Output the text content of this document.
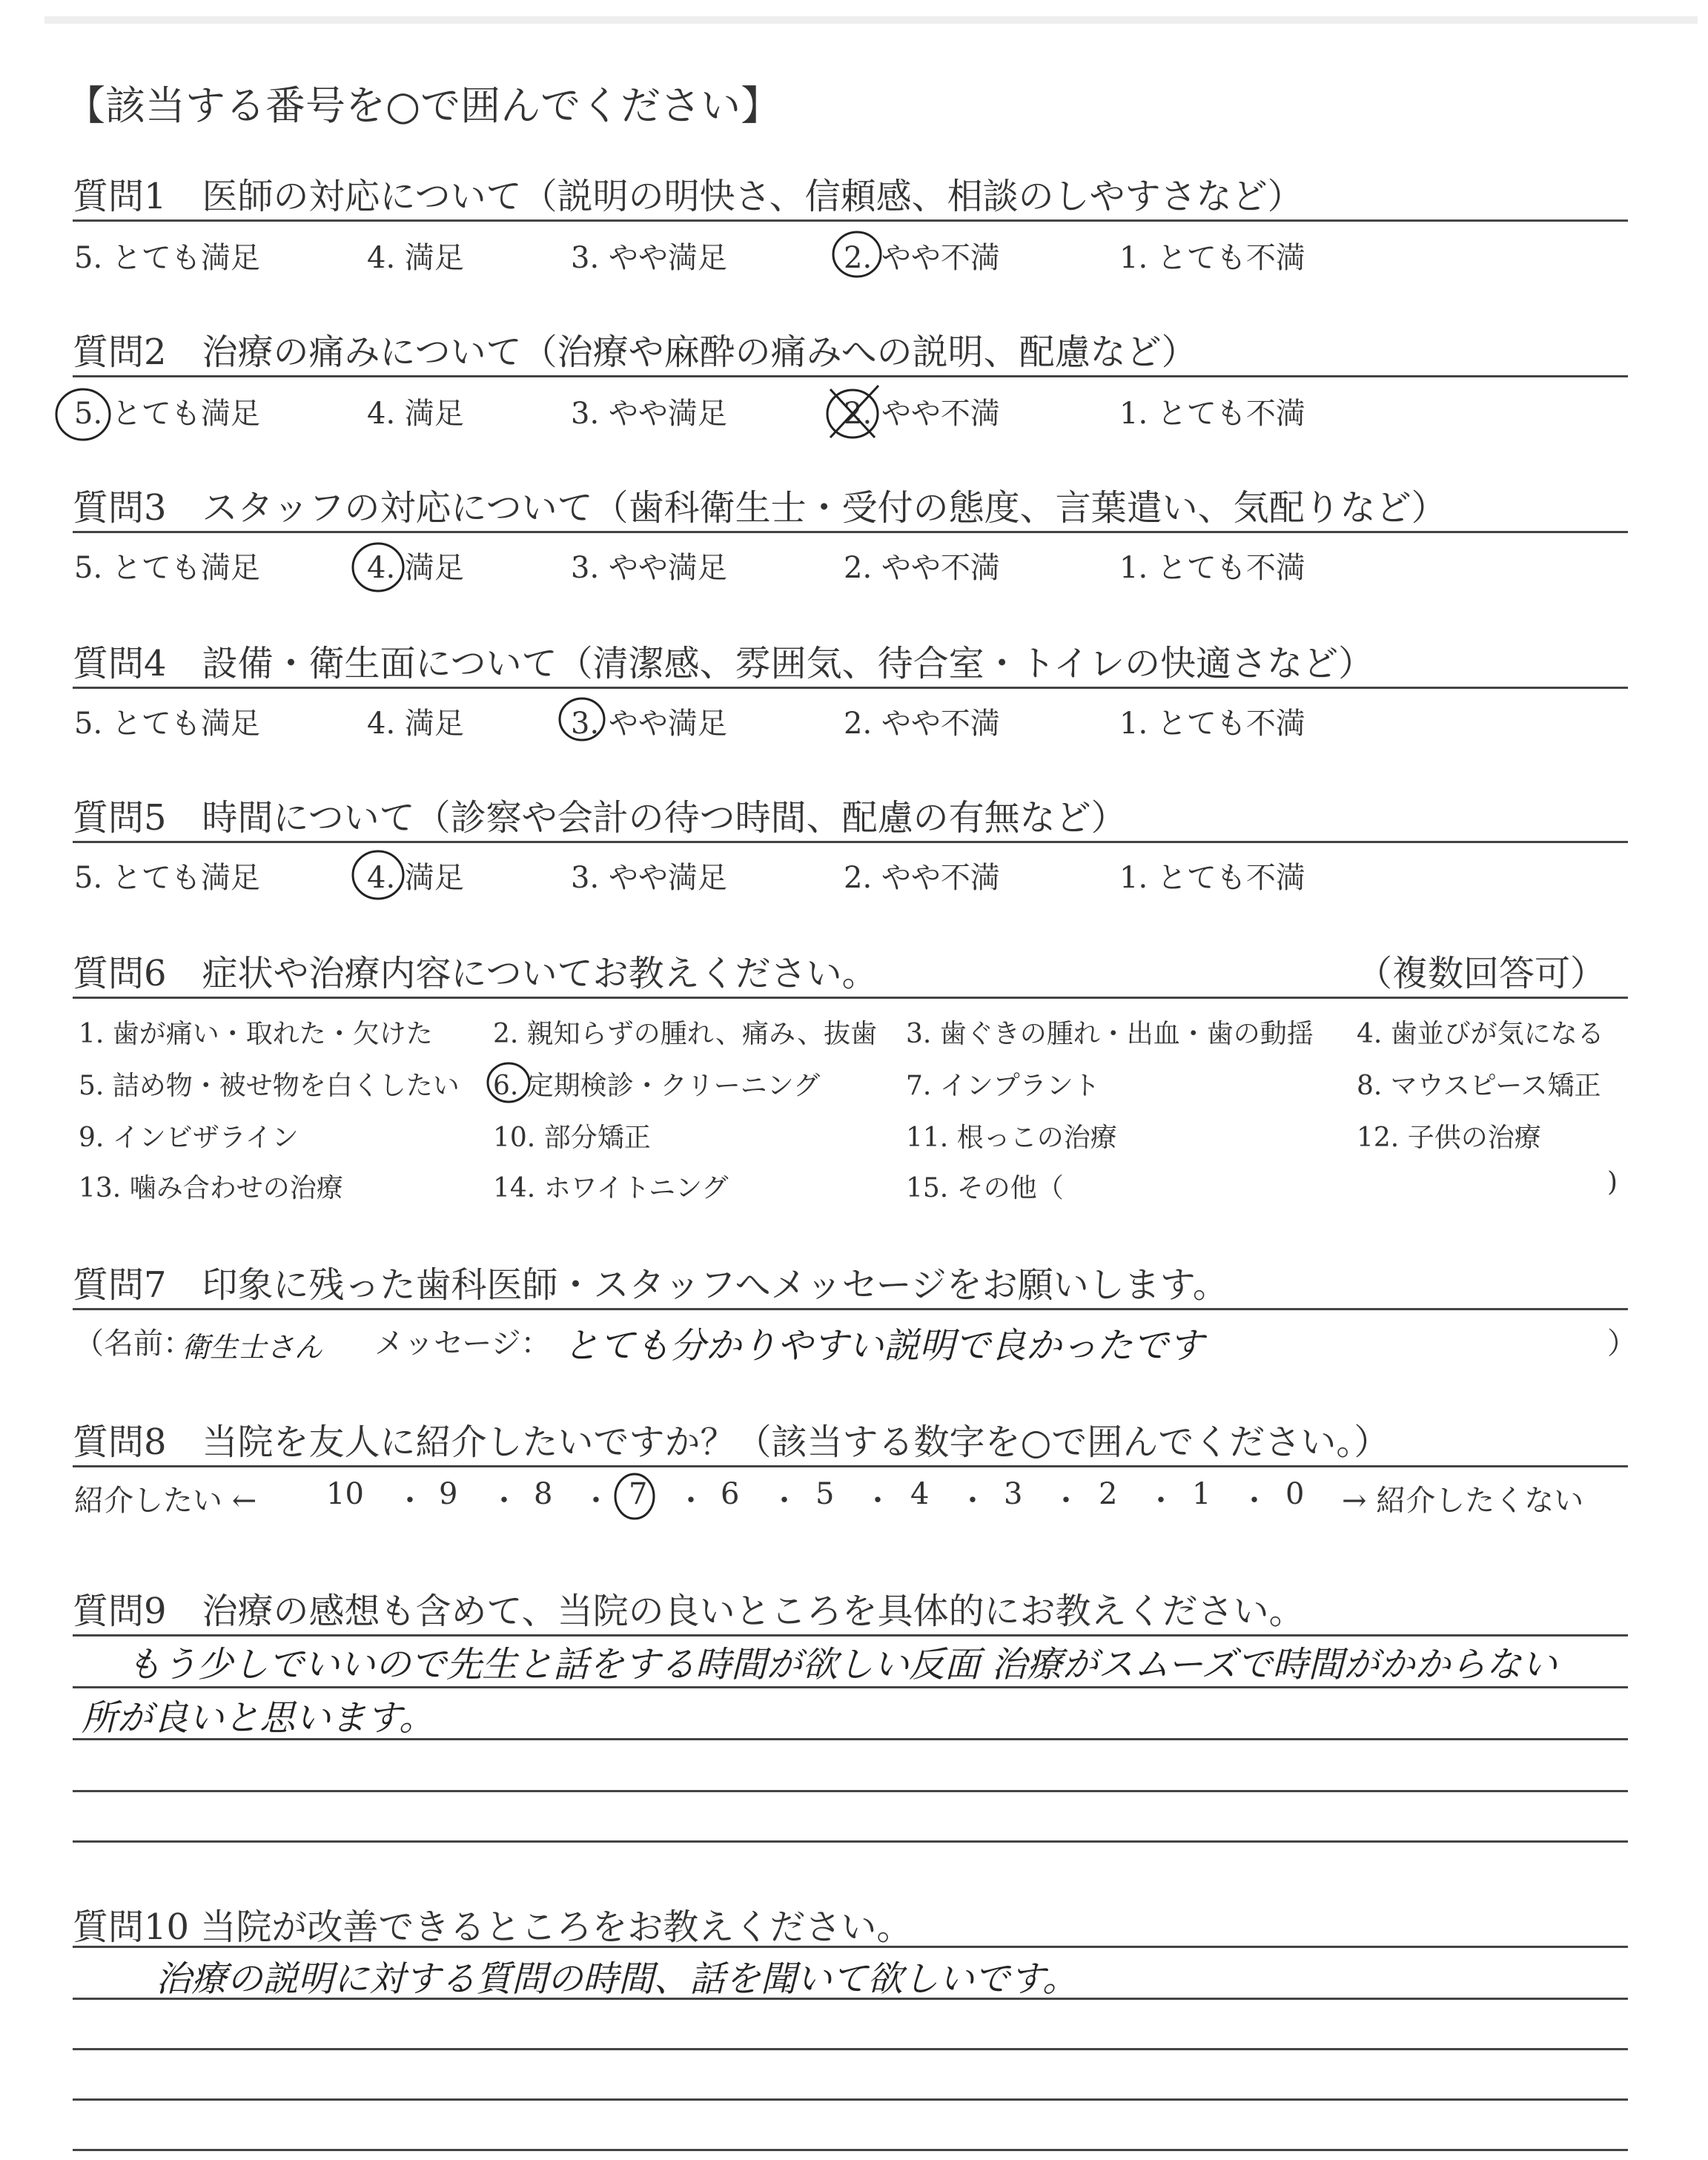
【該当する番号を○で囲んでください】
質問1　医師の対応について（説明の明快さ、信頼感、相談のしやすさなど）
5. とても満足	4. 満足	3. やや満足	2. やや不満	1. とても不満
質問2　治療の痛みについて（治療や麻酔の痛みへの説明、配慮など）
5. とても満足	4. 満足	3. やや満足	2. やや不満	1. とても不満
質問3　スタッフの対応について（歯科衛生士・受付の態度、言葉遣い、気配りなど）
5. とても満足	4. 満足	3. やや満足	2. やや不満	1. とても不満
質問4　設備・衛生面について（清潔感、雰囲気、待合室・トイレの快適さなど）
5. とても満足	4. 満足	3. やや満足	2. やや不満	1. とても不満
質問5　時間について（診察や会計の待つ時間、配慮の有無など）
5. とても満足	4. 満足	3. やや満足	2. やや不満	1. とても不満
質問6　症状や治療内容についてお教えください。	（複数回答可）
1. 歯が痛い・取れた・欠けた 2. 親知らずの腫れ、痛み、抜歯 3. 歯ぐきの腫れ・出血・歯の動揺 4. 歯並びが気になる
5. 詰め物・被せ物を白くしたい 6. 定期検診・クリーニング	7. インプラント	8. マウスピース矯正
9. インビザライン	10. 部分矯正	11. 根っこの治療	12. 子供の治療
13. 噛み合わせの治療	14. ホワイトニング	15. その他（	)
質問7　印象に残った歯科医師・スタッフへメッセージをお願いします。
（名前：
衛生士さん メッセージ： とても分かりやすい説明で良かったです	）
質問8　当院を友人に紹介したいですか？（該当する数字を○で囲んでください。）
紹介したい ← 10 ・ 9 ・ 8 ・ 7 ・ 6 ・ 5 ・ 4 ・ 3 ・ 2 ・ 1 ・ 0 → 紹介したくない
質問9　治療の感想も含めて、当院の良いところを具体的にお教えください。
もう少しでいいので先生と話をする時間が欲しい反面 治療がスムーズで時間がかからない
所が良いと思います。
質問10 当院が改善できるところをお教えください。
治療の説明に対する質問の時間、話を聞いて欲しいです。
